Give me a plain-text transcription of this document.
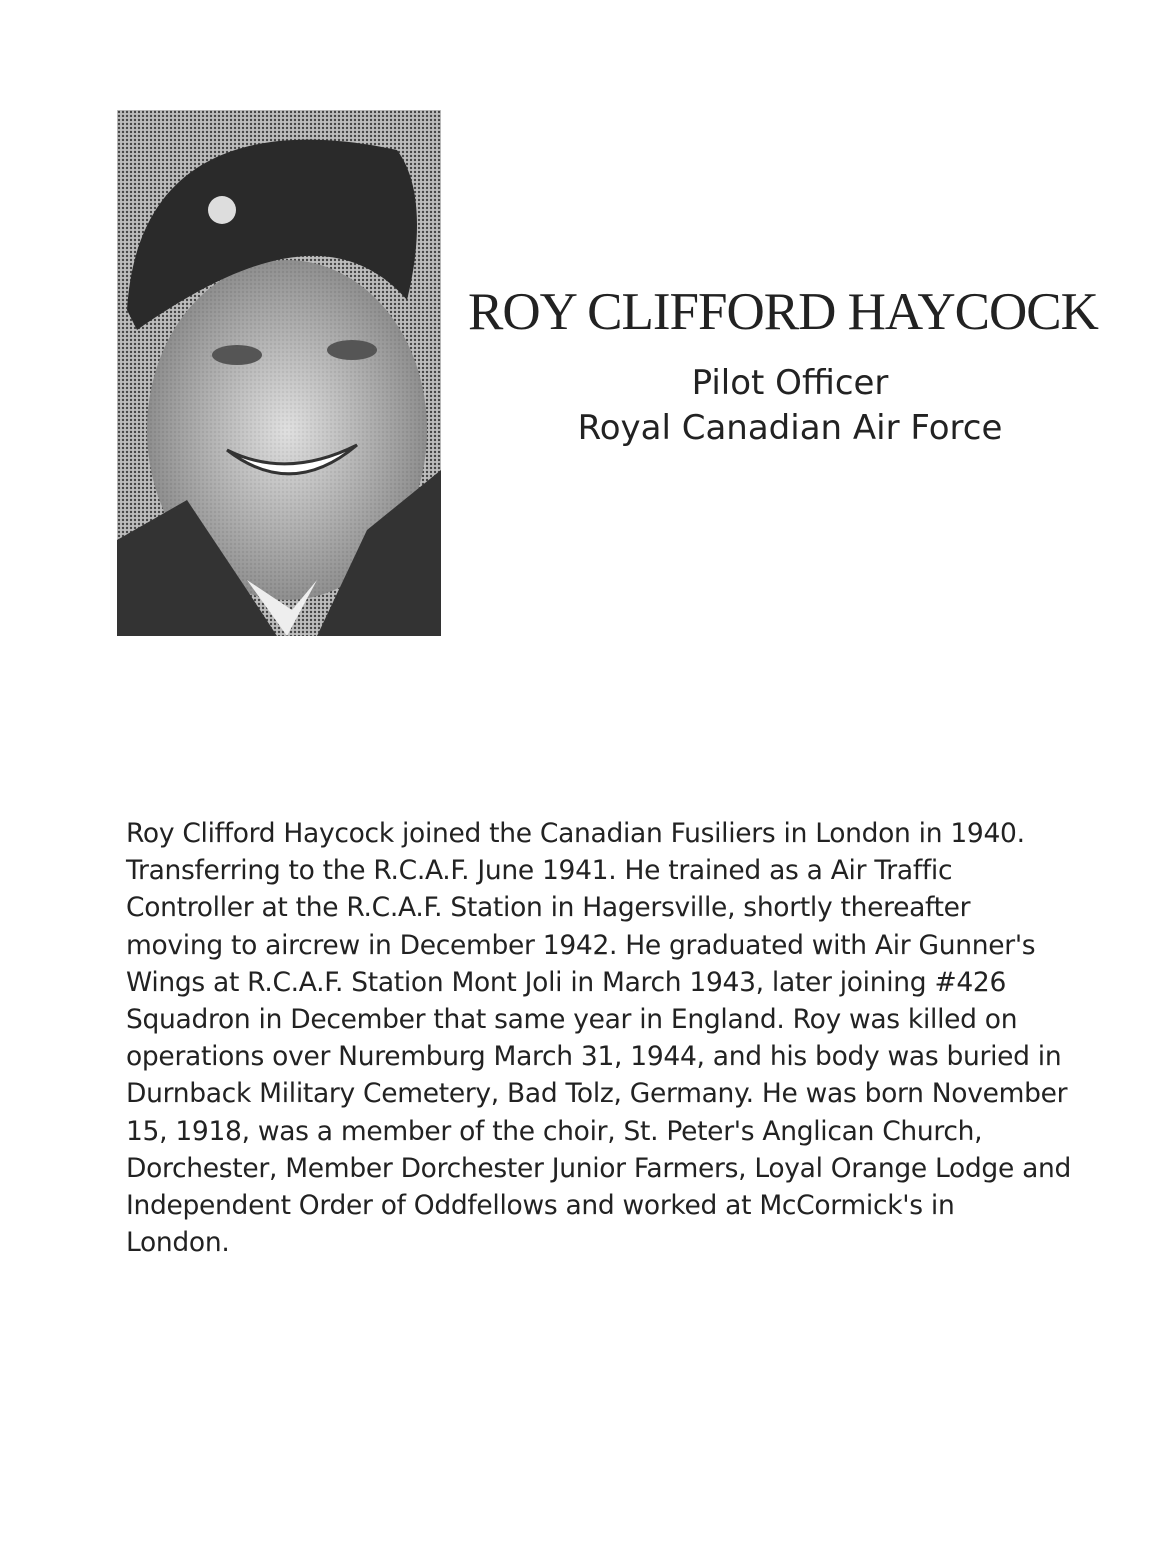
ROY CLIFFORD HAYCOCK
Pilot Officer
Royal Canadian Air Force
Roy Clifford Haycock joined the Canadian Fusiliers in London in 1940.
Transferring to the R.C.A.F. June 1941. He trained as a Air Traffic
Controller at the R.C.A.F. Station in Hagersville, shortly thereafter
moving to aircrew in December 1942. He graduated with Air Gunner's
Wings at R.C.A.F. Station Mont Joli in March 1943, later joining #426
Squadron in December that same year in England. Roy was killed on
operations over Nuremburg March 31, 1944, and his body was buried in
Durnback Military Cemetery, Bad Tolz, Germany. He was born November
15, 1918, was a member of the choir, St. Peter's Anglican Church,
Dorchester, Member Dorchester Junior Farmers, Loyal Orange Lodge and
Independent Order of Oddfellows and worked at McCormick's in
London.
